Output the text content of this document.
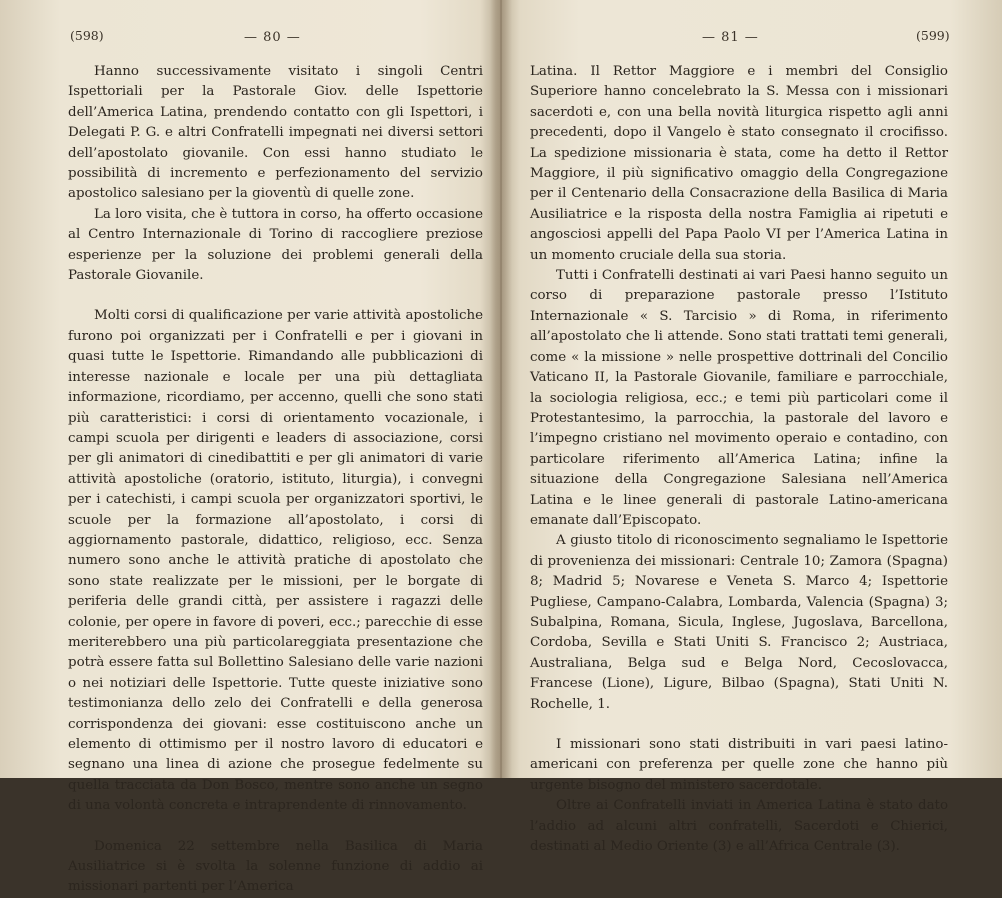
(598)	— 80 —

Hanno successivamente visitato i singoli Centri Ispettoriali per la Pastorale Giov. delle Ispettorie dell’America Latina, prendendo contatto con gli Ispettori, i Delegati P. G. e altri Confratelli impegnati nei diversi settori dell’apostolato giovanile. Con essi hanno studiato le possibilità di incremento e perfezionamento del servizio apostolico salesiano per la gioventù di quelle zone.

La loro visita, che è tuttora in corso, ha offerto occasione al Centro Internazionale di Torino di raccogliere preziose esperienze per la soluzione dei problemi generali della Pastorale Giovanile.

Molti corsi di qualificazione per varie attività apostoliche furono poi organizzati per i Confratelli e per i giovani in quasi tutte le Ispettorie. Rimandando alle pubblicazioni di interesse nazionale e locale per una più dettagliata informazione, ricordiamo, per accenno, quelli che sono stati più caratteristici: i corsi di orientamento vocazionale, i campi scuola per dirigenti e leaders di associazione, corsi per gli animatori di cinedibattiti e per gli animatori di varie attività apostoliche (oratorio, istituto, liturgia), i convegni per i catechisti, i campi scuola per organizzatori sportivi, le scuole per la formazione all’apostolato, i corsi di aggiornamento pastorale, didattico, religioso, ecc. Senza numero sono anche le attività pratiche di apostolato che sono state realizzate per le missioni, per le borgate di periferia delle grandi città, per assistere i ragazzi delle colonie, per opere in favore di poveri, ecc.; parecchie di esse meriterebbero una più particolareggiata presentazione che potrà essere fatta sul Bollettino Salesiano delle varie nazioni o nei notiziari delle Ispettorie. Tutte queste iniziative sono testimonianza dello zelo dei Confratelli e della generosa corrispondenza dei giovani: esse costituiscono anche un elemento di ottimismo per il nostro lavoro di educatori e segnano una linea di azione che prosegue fedelmente su quella tracciata da Don Bosco, mentre sono anche un segno di una volontà concreta e intraprendente di rinnovamento.

Domenica 22 settembre nella Basilica di Maria Ausiliatrice si è svolta la solenne funzione di addio ai missionari partenti per l’America

— 81 —	(599)

Latina. Il Rettor Maggiore e i membri del Consiglio Superiore hanno concelebrato la S. Messa con i missionari sacerdoti e, con una bella novità liturgica rispetto agli anni precedenti, dopo il Vangelo è stato consegnato il crocifisso. La spedizione missionaria è stata, come ha detto il Rettor Maggiore, il più significativo omaggio della Congregazione per il Centenario della Consacrazione della Basilica di Maria Ausiliatrice e la risposta della nostra Famiglia ai ripetuti e angosciosi appelli del Papa Paolo VI per l’America Latina in un momento cruciale della sua storia.

Tutti i Confratelli destinati ai vari Paesi hanno seguito un corso di preparazione pastorale presso l’Istituto Internazionale « S. Tarcisio » di Roma, in riferimento all’apostolato che li attende. Sono stati trattati temi generali, come « la missione » nelle prospettive dottrinali del Concilio Vaticano II, la Pastorale Giovanile, familiare e parrocchiale, la sociologia religiosa, ecc.; e temi più particolari come il Protestantesimo, la parrocchia, la pastorale del lavoro e l’impegno cristiano nel movimento operaio e contadino, con particolare riferimento all’America Latina; infine la situazione della Congregazione Salesiana nell’America Latina e le linee generali di pastorale Latino-americana emanate dall’Episcopato.

A giusto titolo di riconoscimento segnaliamo le Ispettorie di provenienza dei missionari: Centrale 10; Zamora (Spagna) 8; Madrid 5; Novarese e Veneta S. Marco 4; Ispettorie Pugliese, Campano-Calabra, Lombarda, Valencia (Spagna) 3; Subalpina, Romana, Sicula, Inglese, Jugoslava, Barcellona, Cordoba, Sevilla e Stati Uniti S. Francisco 2; Austriaca, Australiana, Belga sud e Belga Nord, Cecoslovacca, Francese (Lione), Ligure, Bilbao (Spagna), Stati Uniti N. Rochelle, 1.

I missionari sono stati distribuiti in vari paesi latino-americani con preferenza per quelle zone che hanno più urgente bisogno del ministero sacerdotale.

Oltre ai Confratelli inviati in America Latina è stato dato l’addio ad alcuni altri confratelli, Sacerdoti e Chierici, destinati al Medio Oriente (3) e all’Africa Centrale (3).
